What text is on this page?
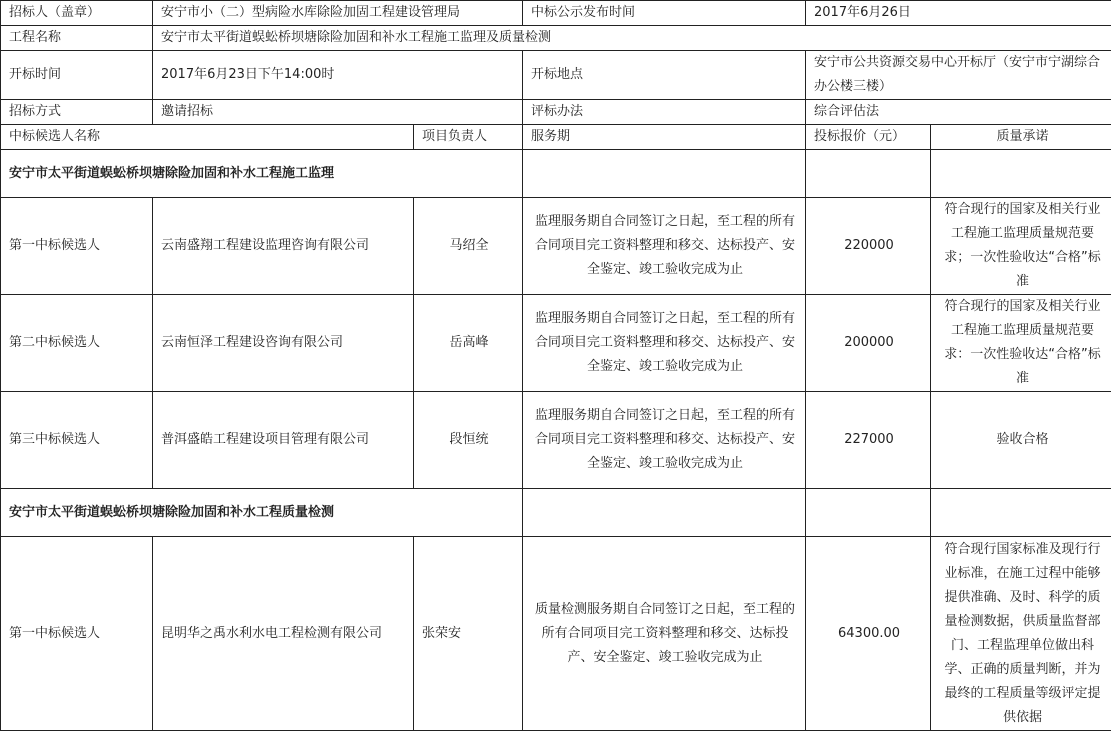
招标人（盖章）	安宁市小（二）型病险水库除险加固工程建设管理局		中标公示发布时间	2017年6月26日	
工程名称	安宁市太平街道蜈蚣桥坝塘除险加固和补水工程施工监理及质量检测				
开标时间	2017年6月23日下午14:00时		开标地点	安宁市公共资源交易中心开标厅（安宁市宁湖综合办公楼三楼）	
招标方式	邀请招标		评标办法	综合评估法	
中标候选人名称		项目负责人	服务期	投标报价（元）	质量承诺
安宁市太平街道蜈蚣桥坝塘除险加固和补水工程施工监理					
第一中标候选人	云南盛翔工程建设监理咨询有限公司	马绍全	监理服务期自合同签订之日起，至工程的所有合同项目完工资料整理和移交、达标投产、安全鉴定、竣工验收完成为止	220000	符合现行的国家及相关行业工程施工监理质量规范要求；一次性验收达“合格”标准
第二中标候选人	云南恒泽工程建设咨询有限公司	岳高峰	监理服务期自合同签订之日起，至工程的所有合同项目完工资料整理和移交、达标投产、安全鉴定、竣工验收完成为止	200000	符合现行的国家及相关行业工程施工监理质量规范要求：一次性验收达“合格”标准
第三中标候选人	普洱盛皓工程建设项目管理有限公司	段恒统	监理服务期自合同签订之日起，至工程的所有合同项目完工资料整理和移交、达标投产、安全鉴定、竣工验收完成为止	227000	验收合格
安宁市太平街道蜈蚣桥坝塘除险加固和补水工程质量检测					
第一中标候选人	昆明华之禹水利水电工程检测有限公司	张荣安	质量检测服务期自合同签订之日起，至工程的所有合同项目完工资料整理和移交、达标投产、安全鉴定、竣工验收完成为止	64300.00	符合现行国家标准及现行行业标准，在施工过程中能够提供准确、及时、科学的质量检测数据，供质量监督部门、工程监理单位做出科学、正确的质量判断，并为最终的工程质量等级评定提供依据
